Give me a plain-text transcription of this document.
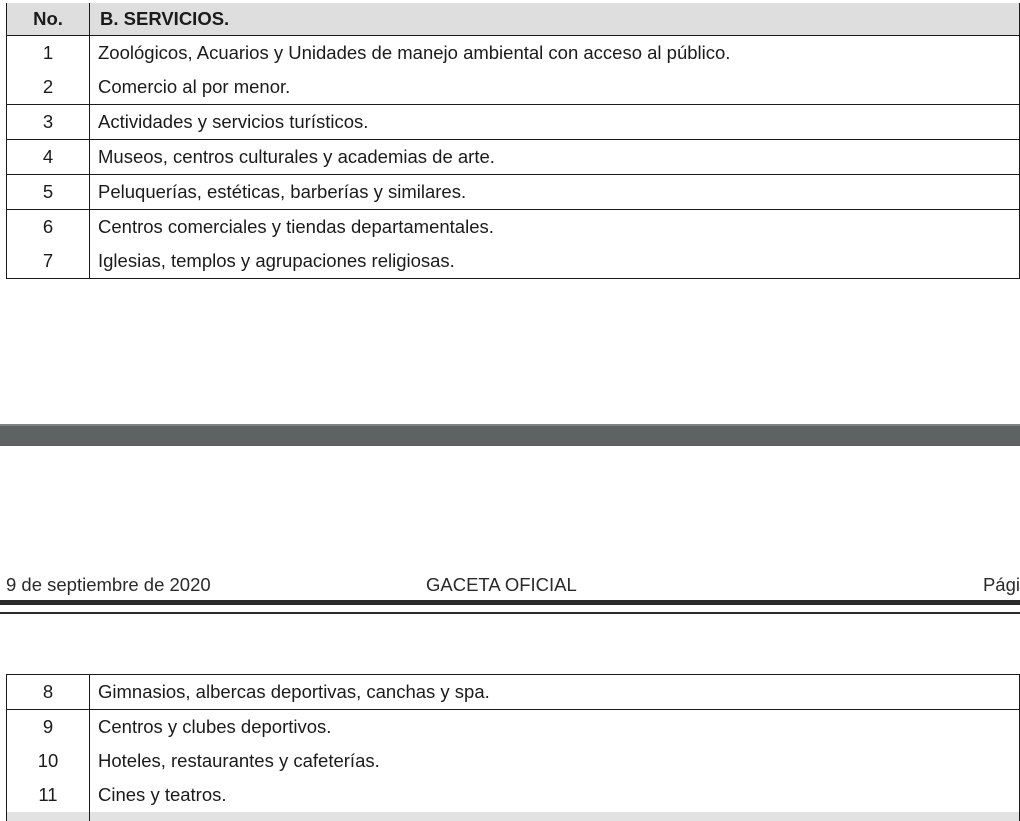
No.	B. SERVICIOS.
1	Zoológicos, Acuarios y Unidades de manejo ambiental con acceso al público.
2	Comercio al por menor.
3	Actividades y servicios turísticos.
4	Museos, centros culturales y academias de arte.
5	Peluquerías, estéticas, barberías y similares.
6	Centros comerciales y tiendas departamentales.
7	Iglesias, templos y agrupaciones religiosas.
9 de septiembre de 2020	GACETA OFICIAL	Pági
8	Gimnasios, albercas deportivas, canchas y spa.
9	Centros y clubes deportivos.
10	Hoteles, restaurantes y cafeterías.
11	Cines y teatros.
